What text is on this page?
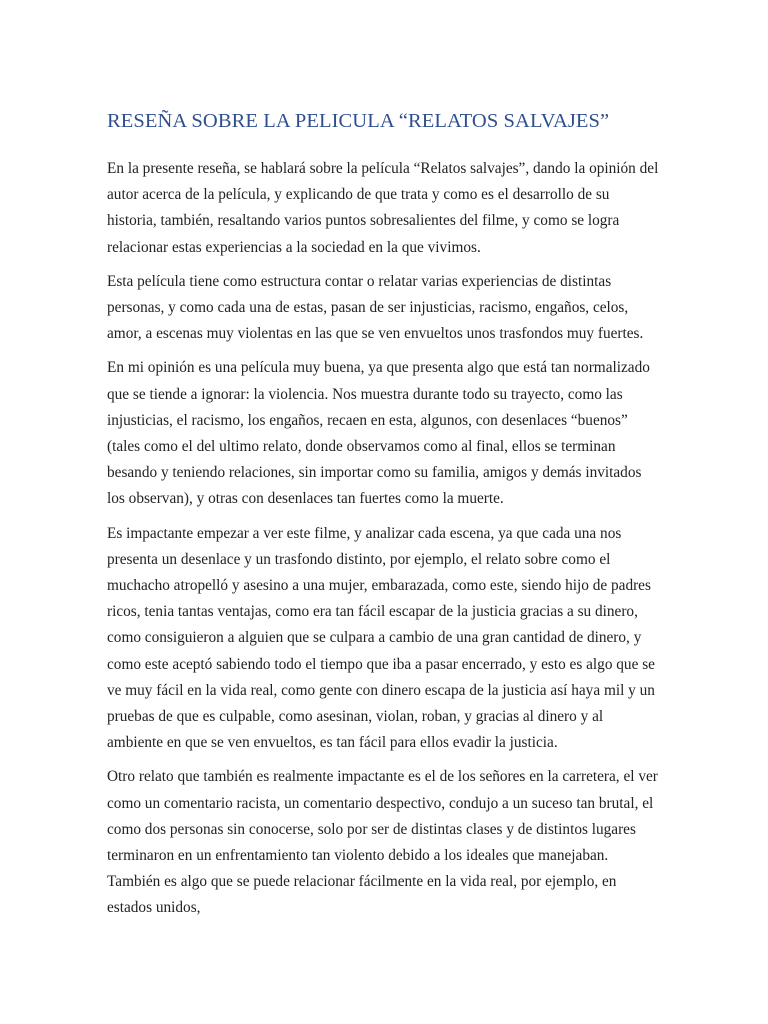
RESEÑA SOBRE LA PELICULA “RELATOS SALVAJES”

En la presente reseña, se hablará sobre la película “Relatos salvajes”, dando la opinión del autor acerca de la película, y explicando de que trata y como es el desarrollo de su historia, también, resaltando varios puntos sobresalientes del filme, y como se logra relacionar estas experiencias a la sociedad en la que vivimos.

Esta película tiene como estructura contar o relatar varias experiencias de distintas personas, y como cada una de estas, pasan de ser injusticias, racismo, engaños, celos, amor, a escenas muy violentas en las que se ven envueltos unos trasfondos muy fuertes.

En mi opinión es una película muy buena, ya que presenta algo que está tan normalizado que se tiende a ignorar: la violencia. Nos muestra durante todo su trayecto, como las injusticias, el racismo, los engaños, recaen en esta, algunos, con desenlaces “buenos” (tales como el del ultimo relato, donde observamos como al final, ellos se terminan besando y teniendo relaciones, sin importar como su familia, amigos y demás invitados los observan), y otras con desenlaces tan fuertes como la muerte.

Es impactante empezar a ver este filme, y analizar cada escena, ya que cada una nos presenta un desenlace y un trasfondo distinto, por ejemplo, el relato sobre como el muchacho atropelló y asesino a una mujer, embarazada, como este, siendo hijo de padres ricos, tenia tantas ventajas, como era tan fácil escapar de la justicia gracias a su dinero, como consiguieron a alguien que se culpara a cambio de una gran cantidad de dinero, y como este aceptó sabiendo todo el tiempo que iba a pasar encerrado, y esto es algo que se ve muy fácil en la vida real, como gente con dinero escapa de la justicia así haya mil y un pruebas de que es culpable, como asesinan, violan, roban, y gracias al dinero y al ambiente en que se ven envueltos, es tan fácil para ellos evadir la justicia.

Otro relato que también es realmente impactante es el de los señores en la carretera, el ver como un comentario racista, un comentario despectivo, condujo a un suceso tan brutal, el como dos personas sin conocerse, solo por ser de distintas clases y de distintos lugares terminaron en un enfrentamiento tan violento debido a los ideales que manejaban. También es algo que se puede relacionar fácilmente en la vida real, por ejemplo, en estados unidos,
